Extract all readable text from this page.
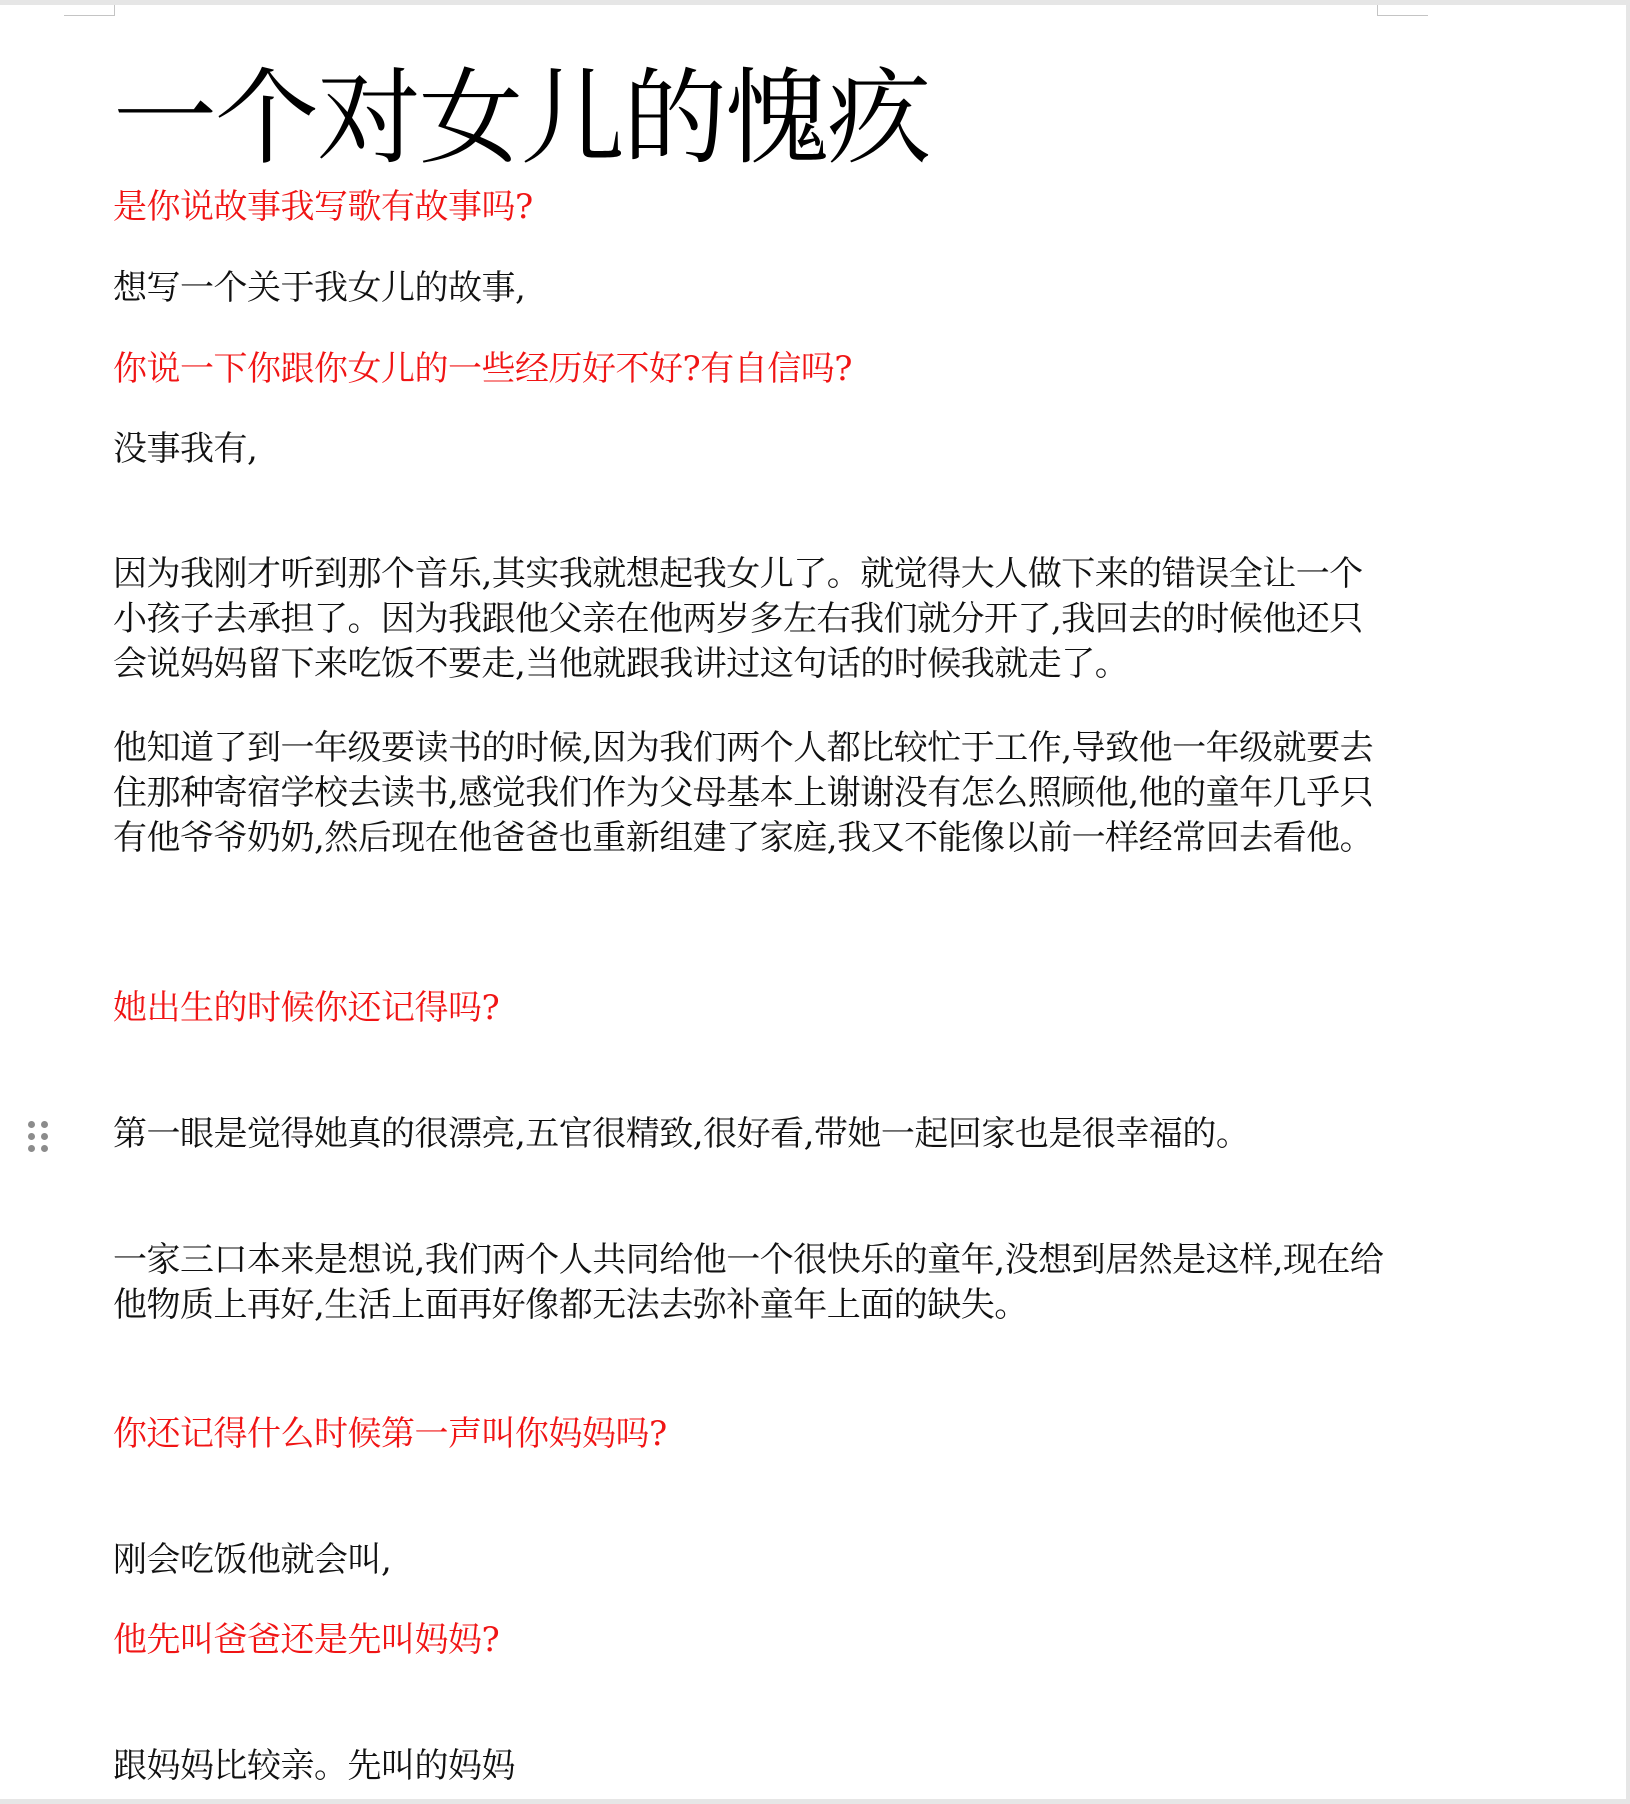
一个对女儿的愧疚

是你说故事我写歌有故事吗?

想写一个关于我女儿的故事,

你说一下你跟你女儿的一些经历好不好?有自信吗?

没事我有,

因为我刚才听到那个音乐,其实我就想起我女儿了。就觉得大人做下来的错误全让一个小孩子去承担了。因为我跟他父亲在他两岁多左右我们就分开了,我回去的时候他还只会说妈妈留下来吃饭不要走,当他就跟我讲过这句话的时候我就走了。

他知道了到一年级要读书的时候,因为我们两个人都比较忙于工作,导致他一年级就要去住那种寄宿学校去读书,感觉我们作为父母基本上谢谢没有怎么照顾他,他的童年几乎只有他爷爷奶奶,然后现在他爸爸也重新组建了家庭,我又不能像以前一样经常回去看他。

她出生的时候你还记得吗?

第一眼是觉得她真的很漂亮,五官很精致,很好看,带她一起回家也是很幸福的。

一家三口本来是想说,我们两个人共同给他一个很快乐的童年,没想到居然是这样,现在给他物质上再好,生活上面再好像都无法去弥补童年上面的缺失。

你还记得什么时候第一声叫你妈妈吗?

刚会吃饭他就会叫,

他先叫爸爸还是先叫妈妈?

跟妈妈比较亲。先叫的妈妈
